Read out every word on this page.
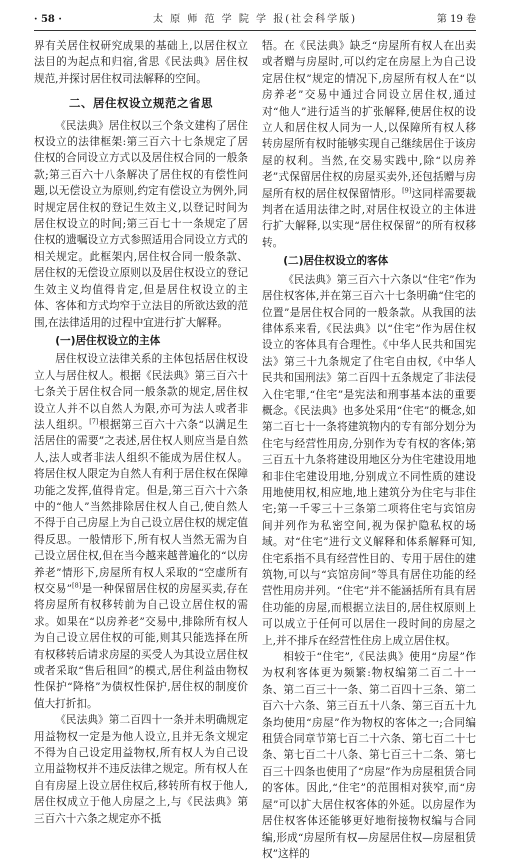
· 58 ·	太 原 师 范 学 院 学 报(社会科学版)	第 19 卷

界有关居住权研究成果的基础上,以居住权立法目的为起点和归宿,省思《民法典》居住权规范,并探讨居住权司法解释的空间。

二、居住权设立规范之省思

《民法典》居住权以三个条文建构了居住权设立的法律框架:第三百六十七条规定了居住权的合同设立方式以及居住权合同的一般条款;第三百六十八条解决了居住权的有偿性问题,以无偿设立为原则,约定有偿设立为例外,同时规定居住权的登记生效主义,以登记时间为居住权设立的时间;第三百七十一条规定了居住权的遗嘱设立方式参照适用合同设立方式的相关规定。此框架内,居住权合同一般条款、居住权的无偿设立原则以及居住权设立的登记生效主义均值得肯定,但是居住权设立的主体、客体和方式均窄于立法目的所欲达致的范围,在法律适用的过程中宜进行扩大解释。

(一)居住权设立的主体

居住权设立法律关系的主体包括居住权设立人与居住权人。根据《民法典》第三百六十七条关于居住权合同一般条款的规定,居住权设立人并不以自然人为限,亦可为法人或者非法人组织。[7]根据第三百六十六条“以满足生活居住的需要”之表述,居住权人则应当是自然人,法人或者非法人组织不能成为居住权人。将居住权人限定为自然人有利于居住权在保障功能之发挥,值得肯定。但是,第三百六十六条中的“他人”当然排除居住权人自己,使自然人不得于自己房屋上为自己设立居住权的规定值得反思。一般情形下,所有权人当然无需为自己设立居住权,但在当今越来越普遍化的“以房养老”情形下,房屋所有权人采取的“空虚所有权交易”[8]是一种保留居住权的房屋买卖,存在将房屋所有权移转前为自己设立居住权的需求。如果在“以房养老”交易中,排除所有权人为自己设立居住权的可能,则其只能选择在所有权移转后请求房屋的买受人为其设立居住权或者采取“售后租回”的模式,居住利益由物权性保护“降格”为债权性保护,居住权的制度价值大打折扣。

《民法典》第二百四十一条并未明确规定用益物权一定是为他人设立,且并无条文规定不得为自己设定用益物权,所有权人为自己设立用益物权并不违反法律之规定。所有权人在自有房屋上设立居住权后,移转所有权于他人,居住权成立于他人房屋之上,与《民法典》第三百六十六条之规定亦不抵

牾。在《民法典》缺乏“房屋所有权人在出卖或者赠与房屋时,可以约定在房屋上为自己设定居住权”规定的情况下,房屋所有权人在“以房养老”交易中通过合同设立居住权,通过对“他人”进行适当的扩张解释,使居住权的设立人和居住权人同为一人,以保障所有权人移转房屋所有权时能够实现自己继续居住于该房屋的权利。当然,在交易实践中,除“以房养老”式保留居住权的房屋买卖外,还包括赠与房屋所有权的居住权保留情形。[9]这同样需要裁判者在适用法律之时,对居住权设立的主体进行扩大解释,以实现“居住权保留”的所有权移转。

(二)居住权设立的客体

《民法典》第三百六十六条以“住宅”作为居住权客体,并在第三百六十七条明确“住宅的位置”是居住权合同的一般条款。从我国的法律体系来看,《民法典》以“住宅”作为居住权设立的客体具有合理性。《中华人民共和国宪法》第三十九条规定了住宅自由权,《中华人民共和国刑法》第二百四十五条规定了非法侵入住宅罪,“住宅”是宪法和刑事基本法的重要概念。《民法典》也多处采用“住宅”的概念,如第二百七十一条将建筑物内的专有部分划分为住宅与经营性用房,分别作为专有权的客体;第三百五十九条将建设用地区分为住宅建设用地和非住宅建设用地,分别成立不同性质的建设用地使用权,相应地,地上建筑分为住宅与非住宅;第一千零三十三条第二项将住宅与宾馆房间并列作为私密空间,视为保护隐私权的场域。对“住宅”进行文义解释和体系解释可知,住宅系指不具有经营性目的、专用于居住的建筑物,可以与“宾馆房间”等具有居住功能的经营性用房并列。“住宅”并不能涵括所有具有居住功能的房屋,而根据立法目的,居住权原则上可以成立于任何可以居住一段时间的房屋之上,并不排斥在经营性住房上成立居住权。

相较于“住宅”,《民法典》使用“房屋”作为权利客体更为频繁:物权编第二百二十一条、第二百三十一条、第二百四十三条、第二百六十六条、第三百五十八条、第三百五十九条均使用“房屋”作为物权的客体之一;合同编租赁合同章节第七百二十六条、第七百二十七条、第七百二十八条、第七百三十二条、第七百三十四条也使用了“房屋”作为房屋租赁合同的客体。因此,“住宅”的范围相对狭窄,而“房屋”可以扩大居住权客体的外延。以房屋作为居住权客体还能够更好地衔接物权编与合同编,形成“房屋所有权—房屋居住权—房屋租赁权”这样的
